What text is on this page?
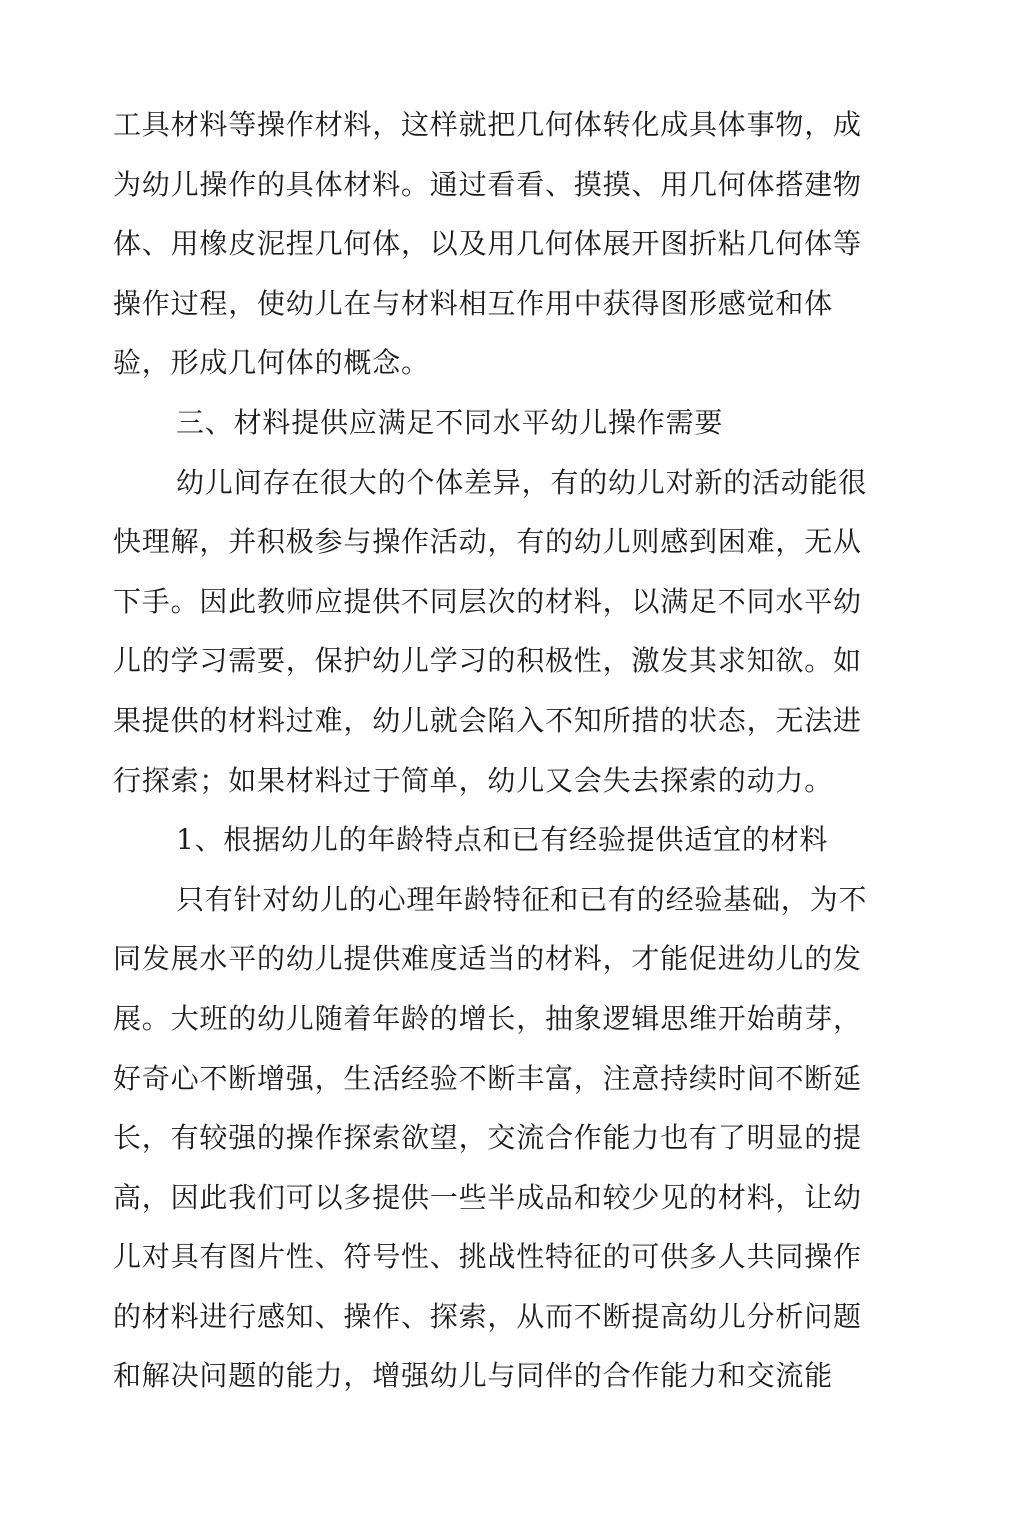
工具材料等操作材料，这样就把几何体转化成具体事物，成
为幼儿操作的具体材料。通过看看、摸摸、用几何体搭建物
体、用橡皮泥捏几何体，以及用几何体展开图折粘几何体等
操作过程，使幼儿在与材料相互作用中获得图形感觉和体
验，形成几何体的概念。
三、材料提供应满足不同水平幼儿操作需要
幼儿间存在很大的个体差异，有的幼儿对新的活动能很
快理解，并积极参与操作活动，有的幼儿则感到困难，无从
下手。因此教师应提供不同层次的材料，以满足不同水平幼
儿的学习需要，保护幼儿学习的积极性，激发其求知欲。如
果提供的材料过难，幼儿就会陷入不知所措的状态，无法进
行探索；如果材料过于简单，幼儿又会失去探索的动力。
1、根据幼儿的年龄特点和已有经验提供适宜的材料
只有针对幼儿的心理年龄特征和已有的经验基础，为不
同发展水平的幼儿提供难度适当的材料，才能促进幼儿的发
展。大班的幼儿随着年龄的增长，抽象逻辑思维开始萌芽，
好奇心不断增强，生活经验不断丰富，注意持续时间不断延
长，有较强的操作探索欲望，交流合作能力也有了明显的提
高，因此我们可以多提供一些半成品和较少见的材料，让幼
儿对具有图片性、符号性、挑战性特征的可供多人共同操作
的材料进行感知、操作、探索，从而不断提高幼儿分析问题
和解决问题的能力，增强幼儿与同伴的合作能力和交流能
